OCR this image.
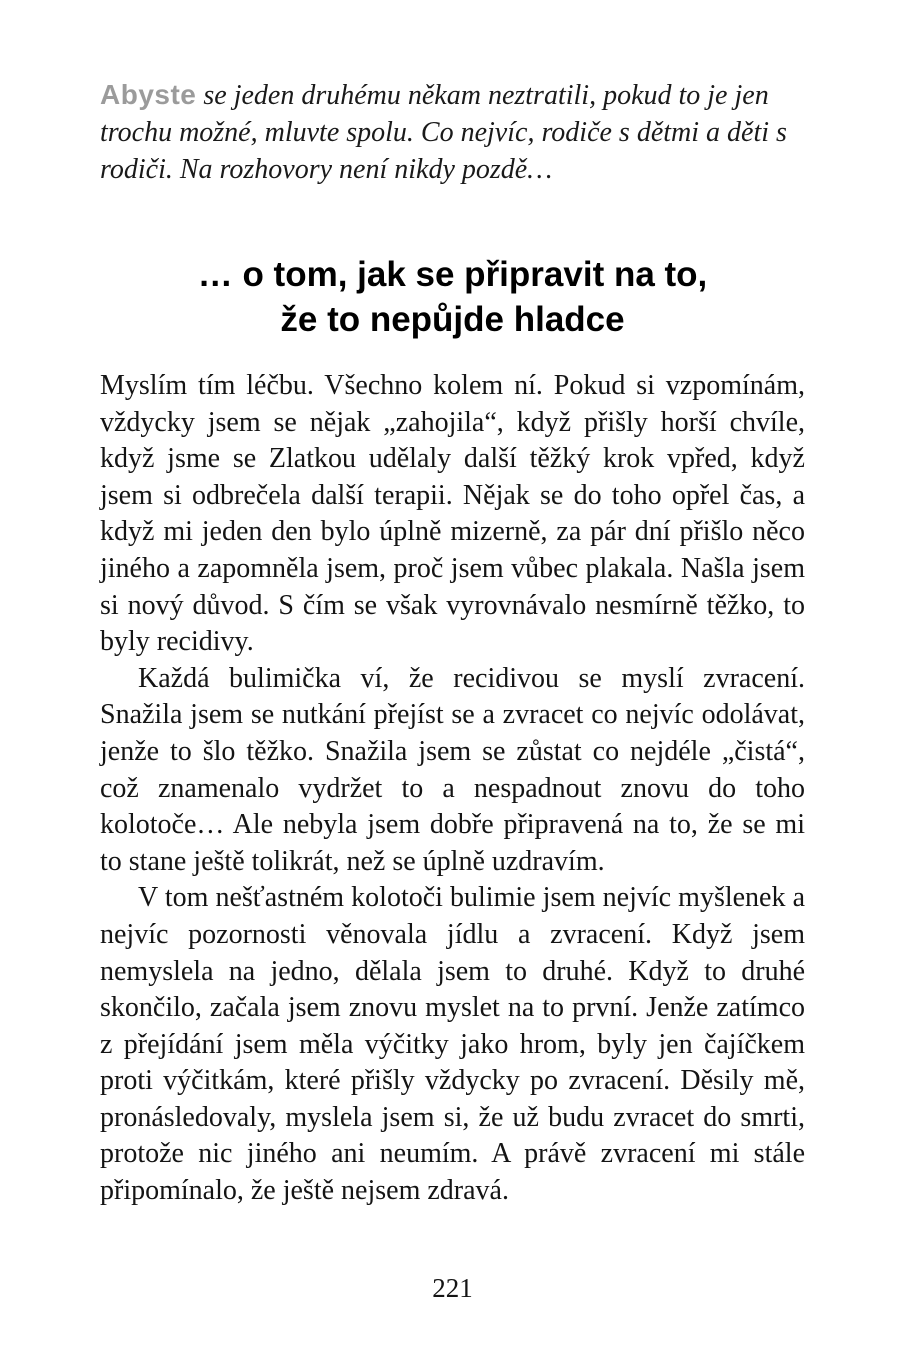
Abyste se jeden druhému někam neztratili, pokud to je jen trochu možné, mluvte spolu. Co nejvíc, rodiče s dětmi a děti s rodiči. Na rozhovory není nikdy pozdě…
… o tom, jak se připravit na to,
že to nepůjde hladce

Myslím tím léčbu. Všechno kolem ní. Pokud si vzpomínám, vždycky jsem se nějak „zahojila“, když přišly horší chvíle, když jsme se Zlatkou udělaly další těžký krok vpřed, když jsem si odbrečela další terapii. Nějak se do toho opřel čas, a když mi jeden den bylo úplně mizerně, za pár dní přišlo něco jiného a zapomněla jsem, proč jsem vůbec plakala. Našla jsem si nový důvod. S čím se však vyrovnávalo nesmírně těžko, to byly recidivy.

Každá bulimička ví, že recidivou se myslí zvracení. Snažila jsem se nutkání přejíst se a zvracet co nejvíc odolávat, jenže to šlo těžko. Snažila jsem se zůstat co nejdéle „čistá“, což znamenalo vydržet to a nespadnout znovu do toho kolotoče… Ale nebyla jsem dobře připravená na to, že se mi to stane ještě tolikrát, než se úplně uzdravím.

V tom nešťastném kolotoči bulimie jsem nejvíc myšlenek a nejvíc pozornosti věnovala jídlu a zvracení. Když jsem nemyslela na jedno, dělala jsem to druhé. Když to druhé skončilo, začala jsem znovu myslet na to první. Jenže zatímco z přejídání jsem měla výčitky jako hrom, byly jen čajíčkem proti výčitkám, které přišly vždycky po zvracení. Děsily mě, pronásledovaly, myslela jsem si, že už budu zvracet do smrti, protože nic jiného ani neumím. A právě zvracení mi stále připomínalo, že ještě nejsem zdravá.

221
